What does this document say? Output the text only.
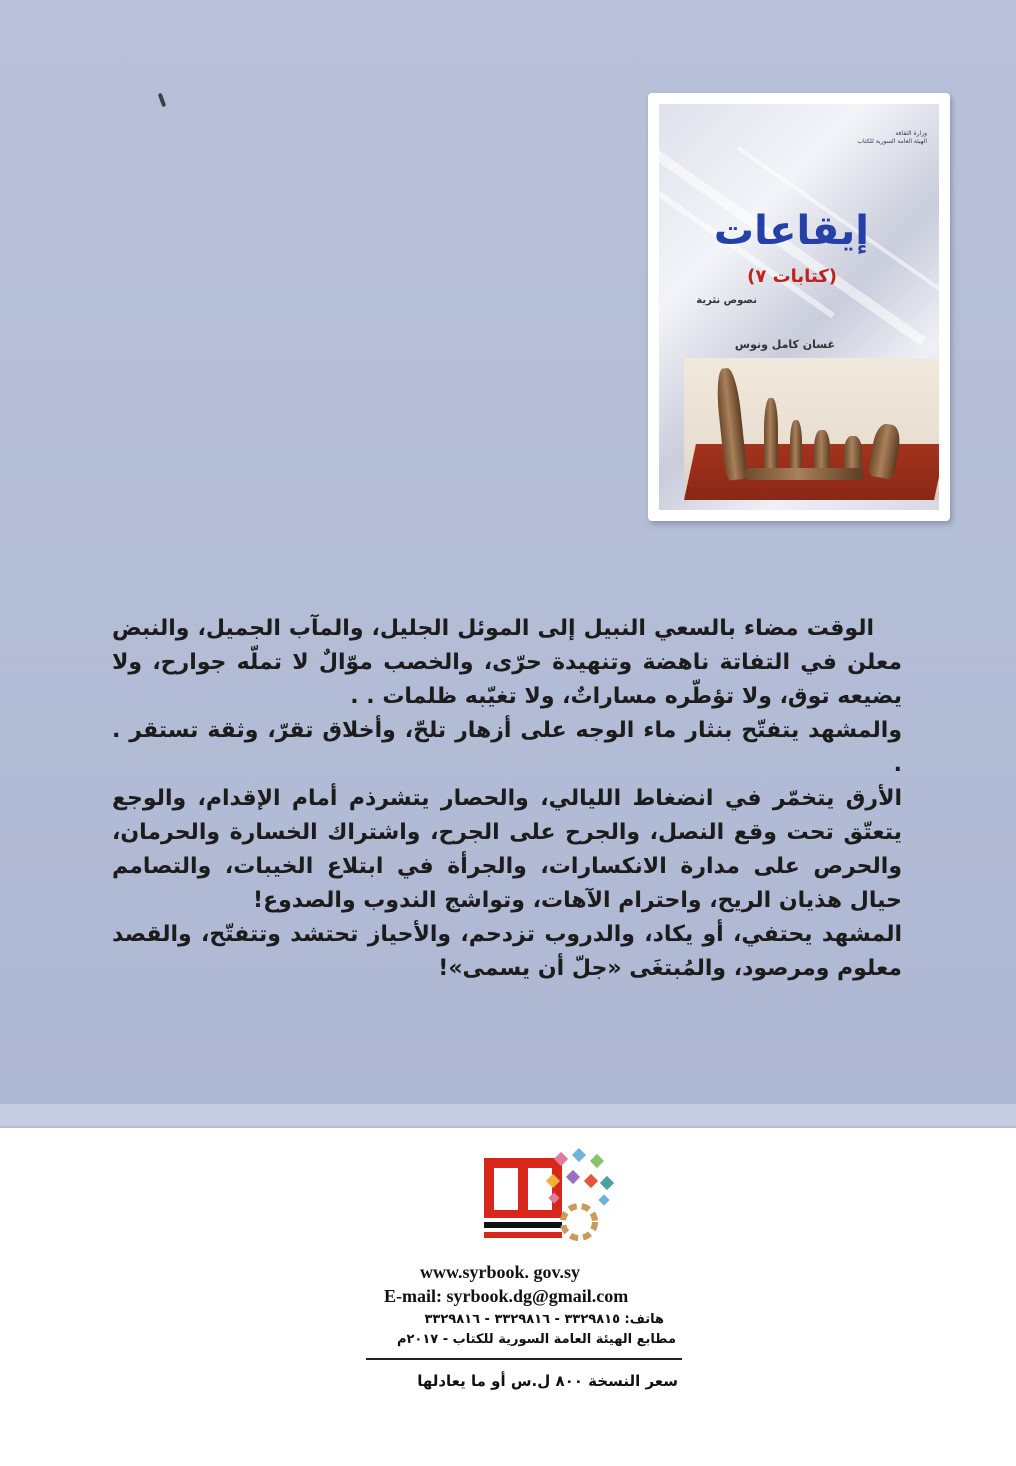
وزارة الثقافة
الهيئة العامة السورية للكتاب
إيقاعات
(كتابات ٧)
نصوص نثرية
غسان كامل ونوس

الوقت مضاء بالسعي النبيل إلى الموئل الجليل، والمآب الجميل، والنبض معلن في التفاتة ناهضة وتنهيدة حرّى، والخصب موّالٌ لا تملّه جوارح، ولا يضيعه توق، ولا تؤطّره مساراتٌ، ولا تغيّبه ظلمات . .

والمشهد يتفتّح بنثار ماء الوجه على أزهار تلحّ، وأخلاق تقرّ، وثقة تستقر . .

الأرق يتخمّر في انضغاط الليالي، والحصار يتشرذم أمام الإقدام، والوجع يتعتّق تحت وقع النصل، والجرح على الجرح، واشتراك الخسارة والحرمان، والحرص على مدارة الانكسارات، والجرأة في ابتلاع الخيبات، والتصامم حيال هذيان الريح، واحترام الآهات، وتواشج الندوب والصدوع!

المشهد يحتفي، أو يكاد، والدروب تزدحم، والأحياز تحتشد وتتفتّح، والقصد معلوم ومرصود، والمُبتغَى «جلّ أن يسمى»!

www.syrbook. gov.sy
E-mail: syrbook.dg@gmail.com
هاتف: ٣٣٢٩٨١٥ - ٣٣٢٩٨١٦ - ٣٣٢٩٨١٦
مطابع الهيئة العامة السورية للكتاب - ٢٠١٧م
سعر النسخة ٨٠٠ ل.س أو ما يعادلها
